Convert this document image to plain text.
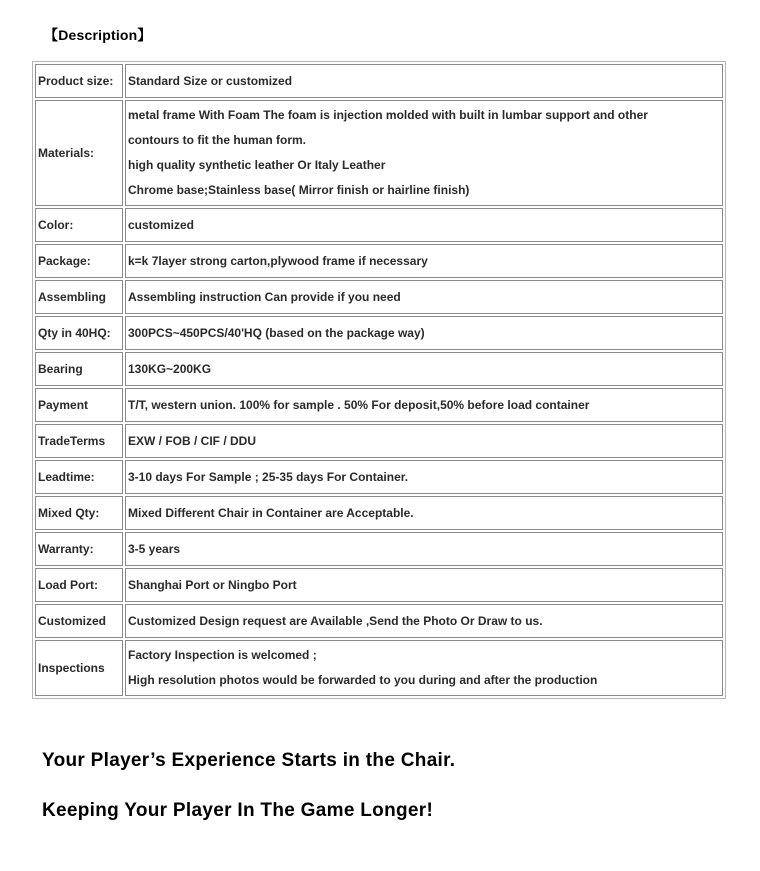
【Description】
Product size:	Standard Size or customized

Materials:	metal frame With Foam The foam is injection molded with built in lumbar support and other
contours to fit the human form.
high quality synthetic leather Or Italy Leather
Chrome base;Stainless base( Mirror finish or hairline finish)

Color:	customized

Package:	k=k 7layer strong carton,plywood frame if necessary

Assembling	Assembling instruction Can provide if you need

Qty in 40HQ:	300PCS~450PCS/40'HQ (based on the package way)

Bearing	130KG~200KG

Payment	T/T, western union. 100% for sample . 50% For deposit,50% before load container

TradeTerms	EXW / FOB / CIF / DDU

Leadtime:	3-10 days For Sample ; 25-35 days For Container.

Mixed Qty:	Mixed Different Chair in Container are Acceptable.

Warranty:	3-5 years

Load Port:	Shanghai Port or Ningbo Port

Customized	Customized Design request are Available ,Send the Photo Or Draw to us.

Inspections	Factory Inspection is welcomed ;
High resolution photos would be forwarded to you during and after the production
Your Player’s Experience Starts in the Chair.
Keeping Your Player In The Game Longer!
